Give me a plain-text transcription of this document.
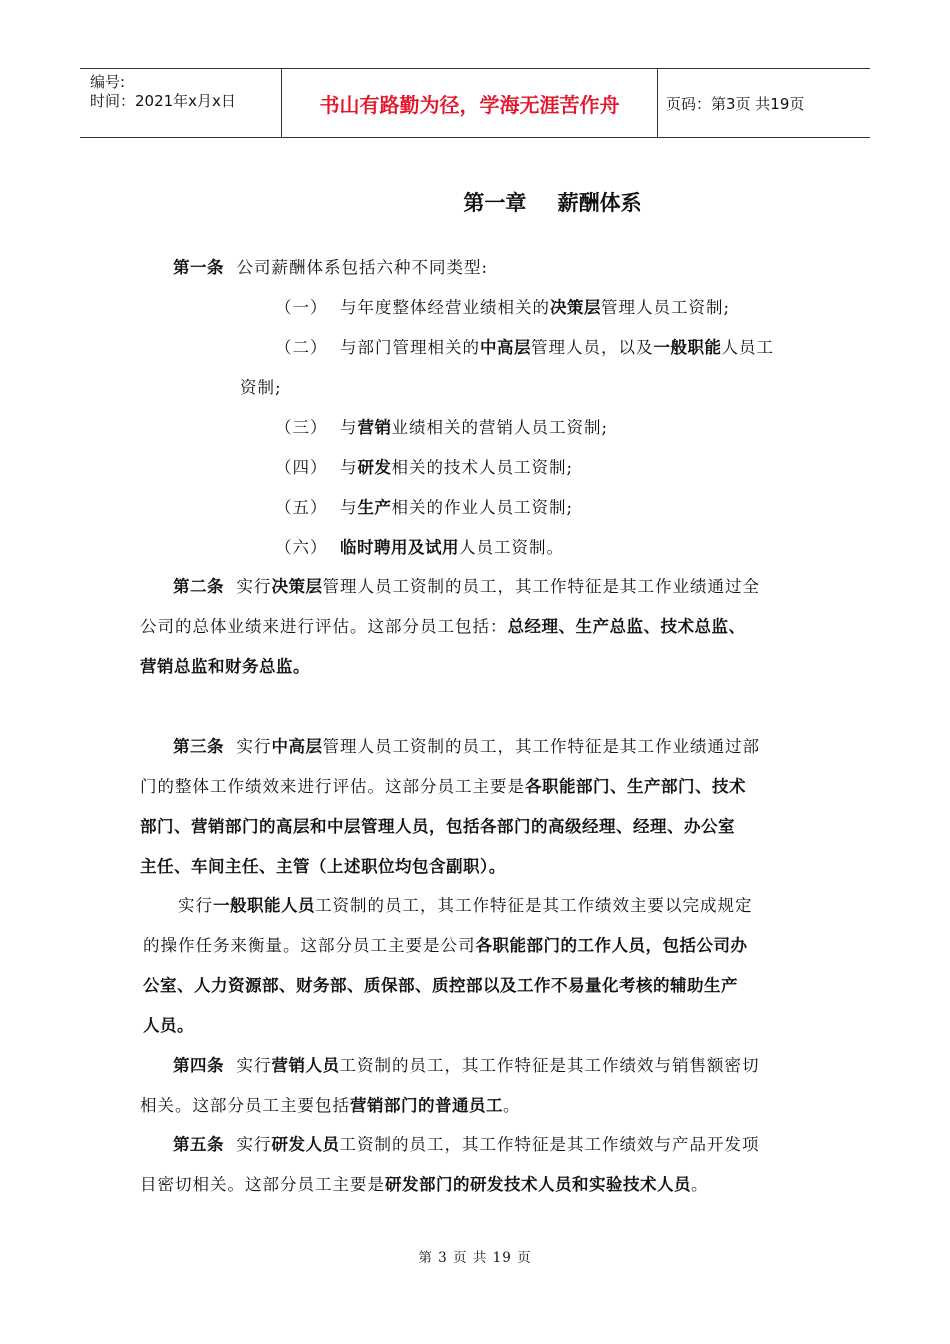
编号:
时间：2021年x月x日	书山有路勤为径，学海无涯苦作舟	页码：第3页 共19页
第一章 薪酬体系
第一条 公司薪酬体系包括六种不同类型:
（一） 与年度整体经营业绩相关的决策层管理人员工资制;
（二） 与部门管理相关的中高层管理人员，以及一般职能人员工
资制;
（三） 与营销业绩相关的营销人员工资制;
（四） 与研发相关的技术人员工资制;
（五） 与生产相关的作业人员工资制;
（六） 临时聘用及试用人员工资制。
第二条 实行决策层管理人员工资制的员工，其工作特征是其工作业绩通过全
公司的总体业绩来进行评估。这部分员工包括：总经理、生产总监、技术总监、
营销总监和财务总监。
第三条 实行中高层管理人员工资制的员工，其工作特征是其工作业绩通过部
门的整体工作绩效来进行评估。这部分员工主要是各职能部门、生产部门、技术
部门、营销部门的高层和中层管理人员，包括各部门的高级经理、经理、办公室
主任、车间主任、主管（上述职位均包含副职）。
实行一般职能人员工资制的员工，其工作特征是其工作绩效主要以完成规定
的操作任务来衡量。这部分员工主要是公司各职能部门的工作人员，包括公司办
公室、人力资源部、财务部、质保部、质控部以及工作不易量化考核的辅助生产
人员。
第四条 实行营销人员工资制的员工，其工作特征是其工作绩效与销售额密切
相关。这部分员工主要包括营销部门的普通员工。
第五条 实行研发人员工资制的员工，其工作特征是其工作绩效与产品开发项
目密切相关。这部分员工主要是研发部门的研发技术人员和实验技术人员。
第 3 页 共 19 页
